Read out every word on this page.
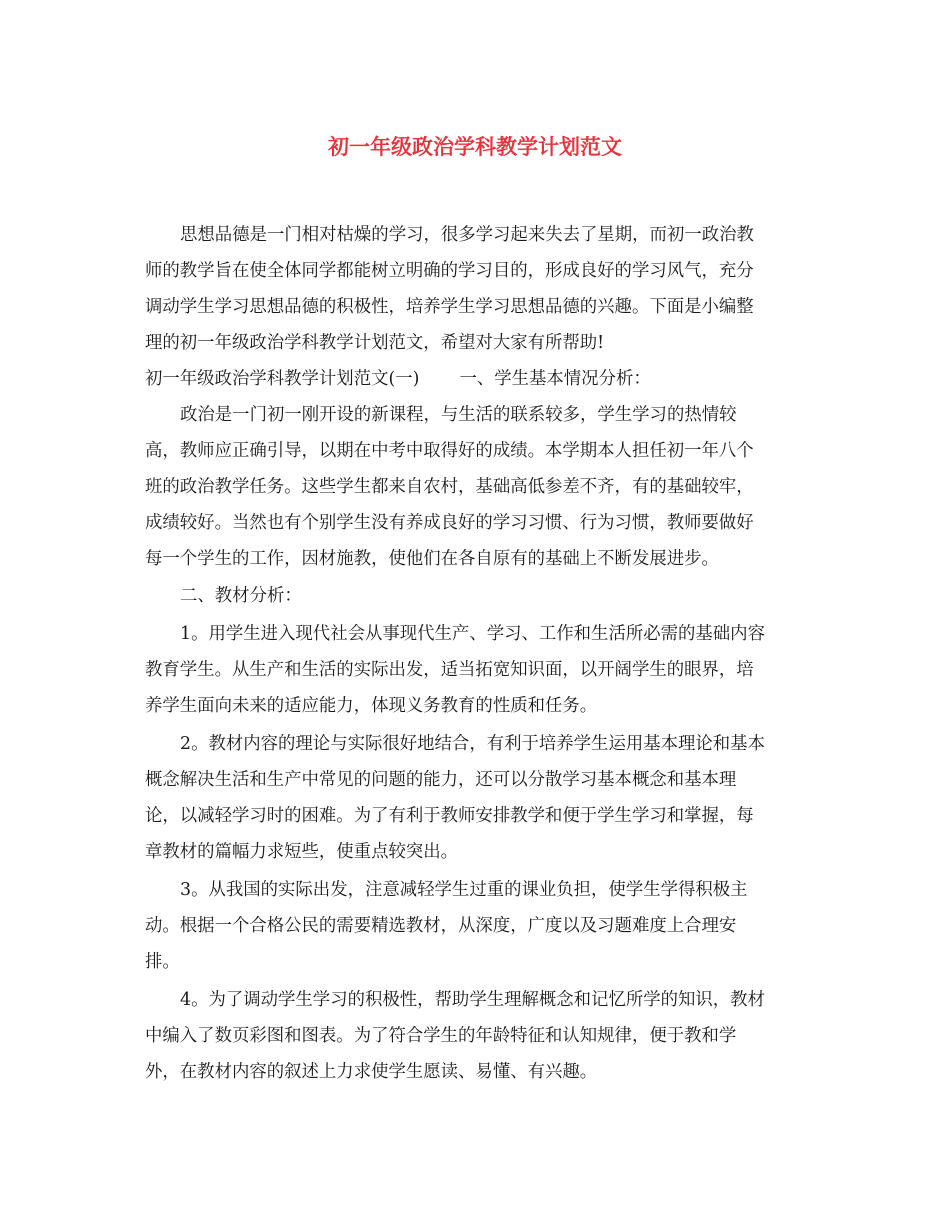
初一年级政治学科教学计划范文
思想品德是一门相对枯燥的学习，很多学习起来失去了星期，而初一政治教
师的教学旨在使全体同学都能树立明确的学习目的，形成良好的学习风气，充分
调动学生学习思想品德的积极性，培养学生学习思想品德的兴趣。下面是小编整
理的初一年级政治学科教学计划范文，希望对大家有所帮助!
初一年级政治学科教学计划范文(一) 一、学生基本情况分析：
政治是一门初一刚开设的新课程，与生活的联系较多，学生学习的热情较
高，教师应正确引导，以期在中考中取得好的成绩。本学期本人担任初一年八个
班的政治教学任务。这些学生都来自农村，基础高低参差不齐，有的基础较牢，
成绩较好。当然也有个别学生没有养成良好的学习习惯、行为习惯，教师要做好
每一个学生的工作，因材施教，使他们在各自原有的基础上不断发展进步。
二、教材分析：
1。用学生进入现代社会从事现代生产、学习、工作和生活所必需的基础内容
教育学生。从生产和生活的实际出发，适当拓宽知识面，以开阔学生的眼界，培
养学生面向未来的适应能力，体现义务教育的性质和任务。
2。教材内容的理论与实际很好地结合，有利于培养学生运用基本理论和基本
概念解决生活和生产中常见的问题的能力，还可以分散学习基本概念和基本理
论，以减轻学习时的困难。为了有利于教师安排教学和便于学生学习和掌握，每
章教材的篇幅力求短些，使重点较突出。
3。从我国的实际出发，注意减轻学生过重的课业负担，使学生学得积极主
动。根据一个合格公民的需要精选教材，从深度，广度以及习题难度上合理安
排。
4。为了调动学生学习的积极性，帮助学生理解概念和记忆所学的知识，教材
中编入了数页彩图和图表。为了符合学生的年龄特征和认知规律，便于教和学
外，在教材内容的叙述上力求使学生愿读、易懂、有兴趣。
